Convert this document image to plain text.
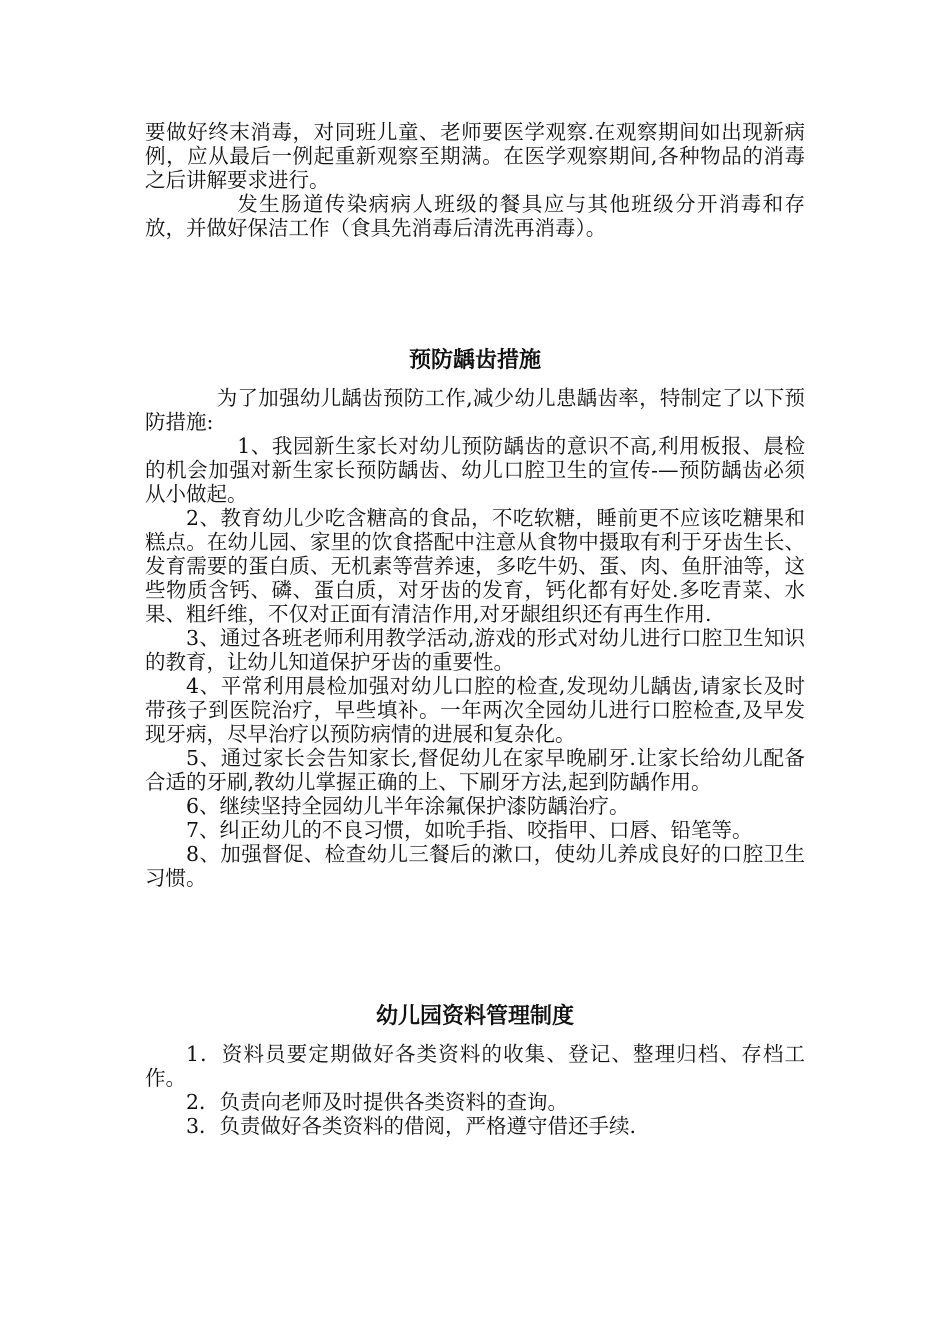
要做好终末消毒，对同班儿童、老师要医学观察.在观察期间如出现新病例，应从最后一例起重新观察至期满。在医学观察期间,各种物品的消毒之后讲解要求进行。

发生肠道传染病病人班级的餐具应与其他班级分开消毒和存放，并做好保洁工作（食具先消毒后清洗再消毒）。

预防龋齿措施

为了加强幼儿龋齿预防工作,减少幼儿患龋齿率，特制定了以下预防措施:

1、我园新生家长对幼儿预防龋齿的意识不高,利用板报、晨检的机会加强对新生家长预防龋齿、幼儿口腔卫生的宣传-—预防龋齿必须从小做起。

2、教育幼儿少吃含糖高的食品，不吃软糖，睡前更不应该吃糖果和糕点。在幼儿园、家里的饮食搭配中注意从食物中摄取有利于牙齿生长、发育需要的蛋白质、无机素等营养速，多吃牛奶、蛋、肉、鱼肝油等，这些物质含钙、磷、蛋白质，对牙齿的发育，钙化都有好处.多吃青菜、水果、粗纤维，不仅对正面有清洁作用,对牙龈组织还有再生作用.

3、通过各班老师利用教学活动,游戏的形式对幼儿进行口腔卫生知识的教育，让幼儿知道保护牙齿的重要性。

4、平常利用晨检加强对幼儿口腔的检查,发现幼儿龋齿,请家长及时带孩子到医院治疗，早些填补。一年两次全园幼儿进行口腔检查,及早发现牙病，尽早治疗以预防病情的进展和复杂化。

5、通过家长会告知家长,督促幼儿在家早晚刷牙.让家长给幼儿配备合适的牙刷,教幼儿掌握正确的上、下刷牙方法,起到防龋作用。

6、继续坚持全园幼儿半年涂氟保护漆防龋治疗。

7、纠正幼儿的不良习惯，如吮手指、咬指甲、口唇、铅笔等。

8、加强督促、检查幼儿三餐后的漱口，使幼儿养成良好的口腔卫生习惯。

幼儿园资料管理制度

1．资料员要定期做好各类资料的收集、登记、整理归档、存档工作。

2．负责向老师及时提供各类资料的查询。

3．负责做好各类资料的借阅，严格遵守借还手续.
